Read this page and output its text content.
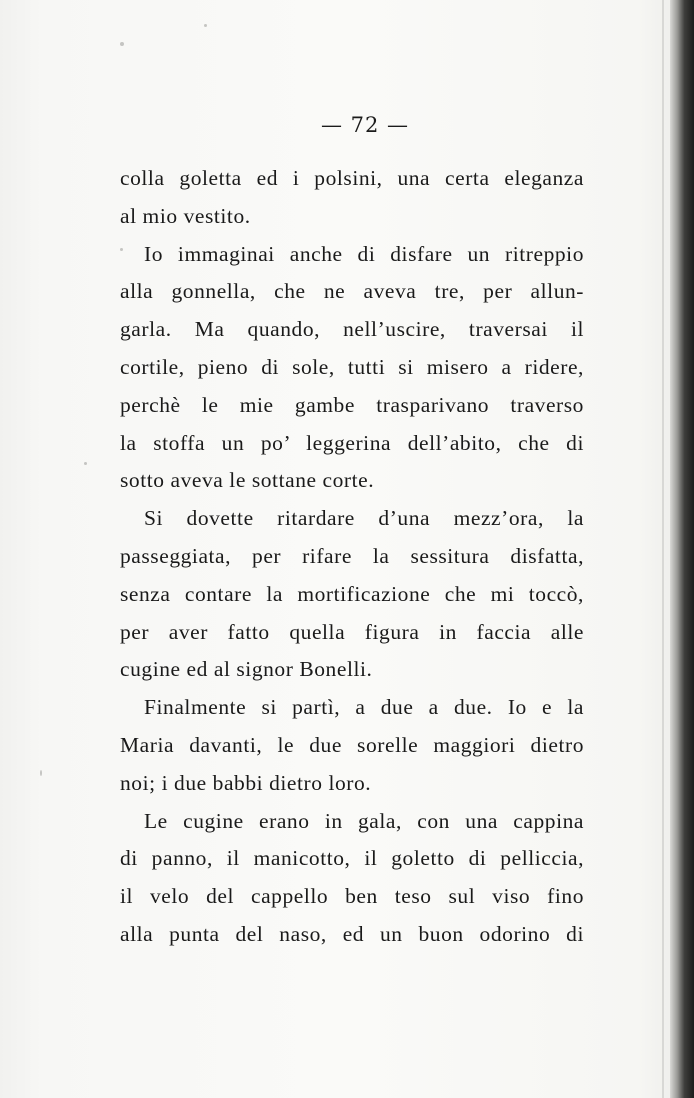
— 72 —
colla goletta ed i polsini, una certa eleganza
al mio vestito.
Io immaginai anche di disfare un ritreppio
alla gonnella, che ne aveva tre, per allun-
garla. Ma quando, nell’uscire, traversai il
cortile, pieno di sole, tutti si misero a ridere,
perchè le mie gambe trasparivano traverso
la stoffa un po’ leggerina dell’abito, che di
sotto aveva le sottane corte.
Si dovette ritardare d’una mezz’ora, la
passeggiata, per rifare la sessitura disfatta,
senza contare la mortificazione che mi toccò,
per aver fatto quella figura in faccia alle
cugine ed al signor Bonelli.
Finalmente si partì, a due a due. Io e la
Maria davanti, le due sorelle maggiori dietro
noi; i due babbi dietro loro.
Le cugine erano in gala, con una cappina
di panno, il manicotto, il goletto di pelliccia,
il velo del cappello ben teso sul viso fino
alla punta del naso, ed un buon odorino di
